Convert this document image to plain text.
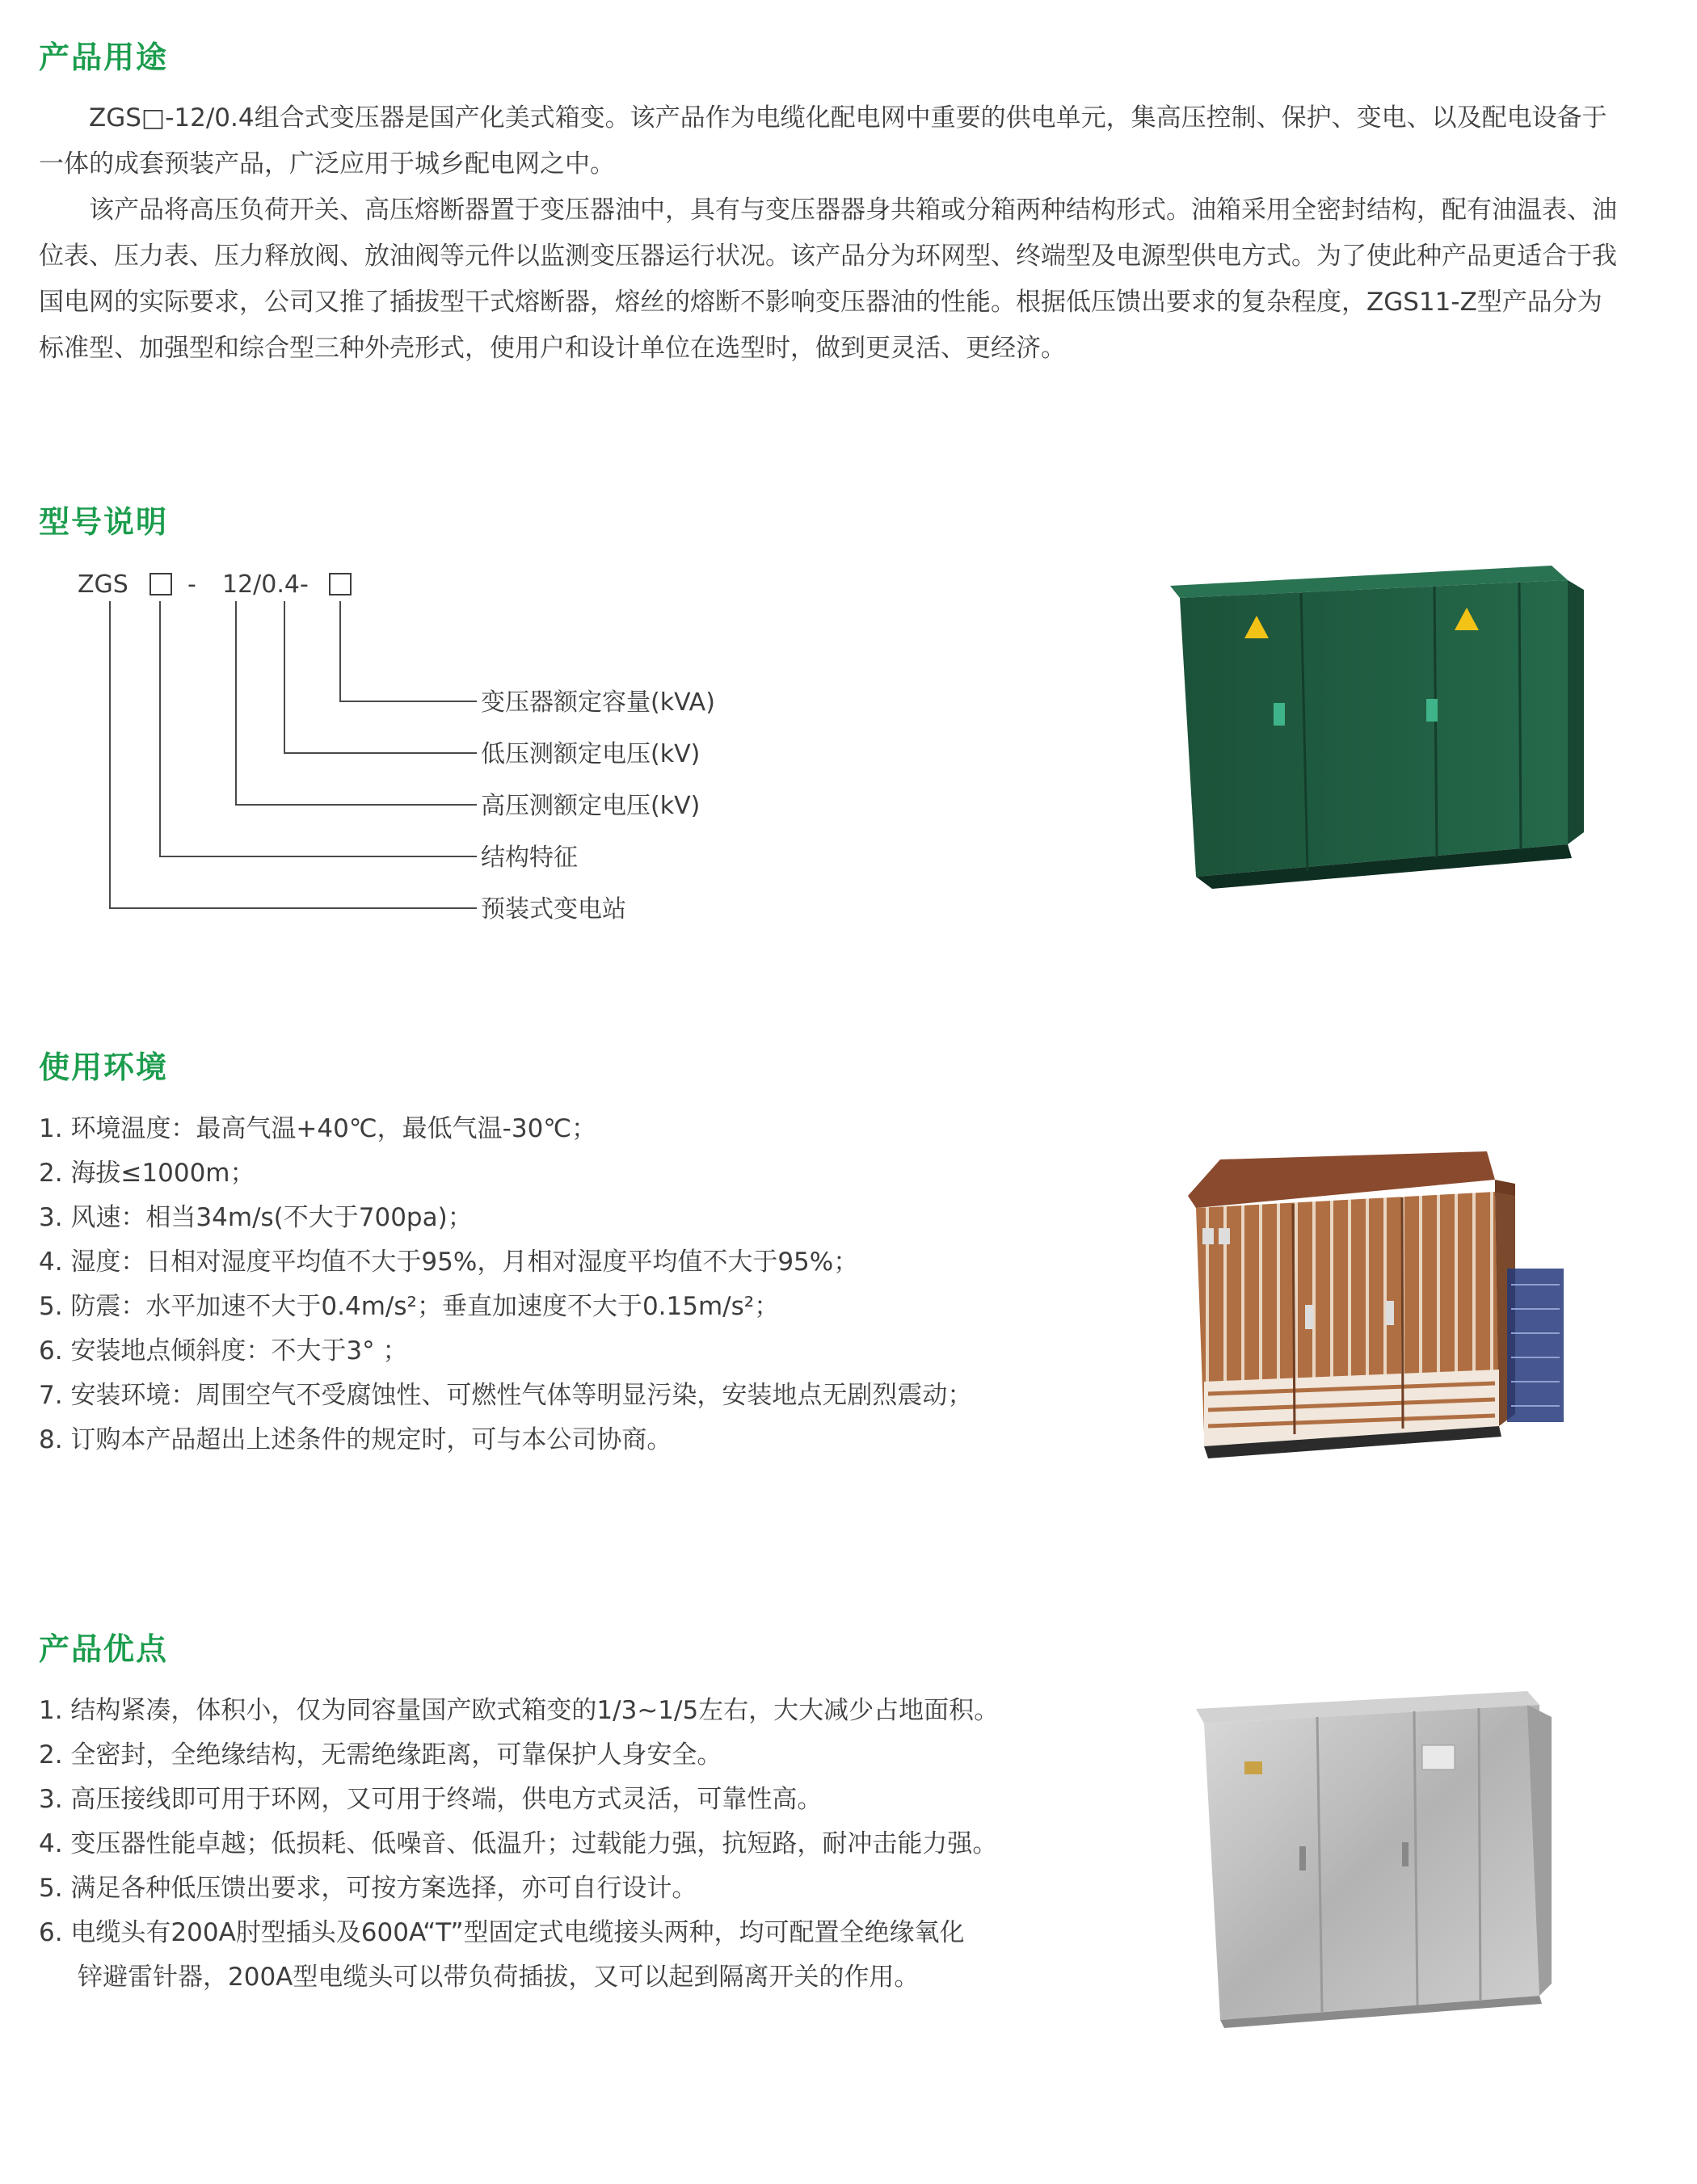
产品用途

ZGS□-12/0.4组合式变压器是国产化美式箱变。该产品作为电缆化配电网中重要的供电单元，集高压控制、保护、变电、以及配电设备于一体的成套预装产品，广泛应用于城乡配电网之中。

该产品将高压负荷开关、高压熔断器置于变压器油中，具有与变压器器身共箱或分箱两种结构形式。油箱采用全密封结构，配有油温表、油位表、压力表、压力释放阀、放油阀等元件以监测变压器运行状况。该产品分为环网型、终端型及电源型供电方式。为了使此种产品更适合于我国电网的实际要求，公司又推了插拔型干式熔断器，熔丝的熔断不影响变压器油的性能。根据低压馈出要求的复杂程度，ZGS11-Z型产品分为标准型、加强型和综合型三种外壳形式，使用户和设计单位在选型时，做到更灵活、更经济。

型号说明
ZGS - 12/0.4-
变压器额定容量(kVA)
低压测额定电压(kV)
高压测额定电压(kV)
结构特征
预装式变电站
使用环境
1. 环境温度：最高气温+40℃，最低气温-30℃；
2. 海拔≤1000m；
3. 风速：相当34m/s(不大于700pa)；
4. 湿度：日相对湿度平均值不大于95%，月相对湿度平均值不大于95%；
5. 防震：水平加速不大于0.4m/s²；垂直加速度不大于0.15m/s²；
6. 安装地点倾斜度：不大于3° ；
7. 安装环境：周围空气不受腐蚀性、可燃性气体等明显污染，安装地点无剧烈震动；
8. 订购本产品超出上述条件的规定时，可与本公司协商。
产品优点
1. 结构紧凑，体积小，仅为同容量国产欧式箱变的1/3~1/5左右，大大减少占地面积。
2. 全密封，全绝缘结构，无需绝缘距离，可靠保护人身安全。
3. 高压接线即可用于环网，又可用于终端，供电方式灵活，可靠性高。
4. 变压器性能卓越；低损耗、低噪音、低温升；过载能力强，抗短路，耐冲击能力强。
5. 满足各种低压馈出要求，可按方案选择，亦可自行设计。
6. 电缆头有200A肘型插头及600A“T”型固定式电缆接头两种，均可配置全绝缘氧化
锌避雷针器，200A型电缆头可以带负荷插拔，又可以起到隔离开关的作用。
